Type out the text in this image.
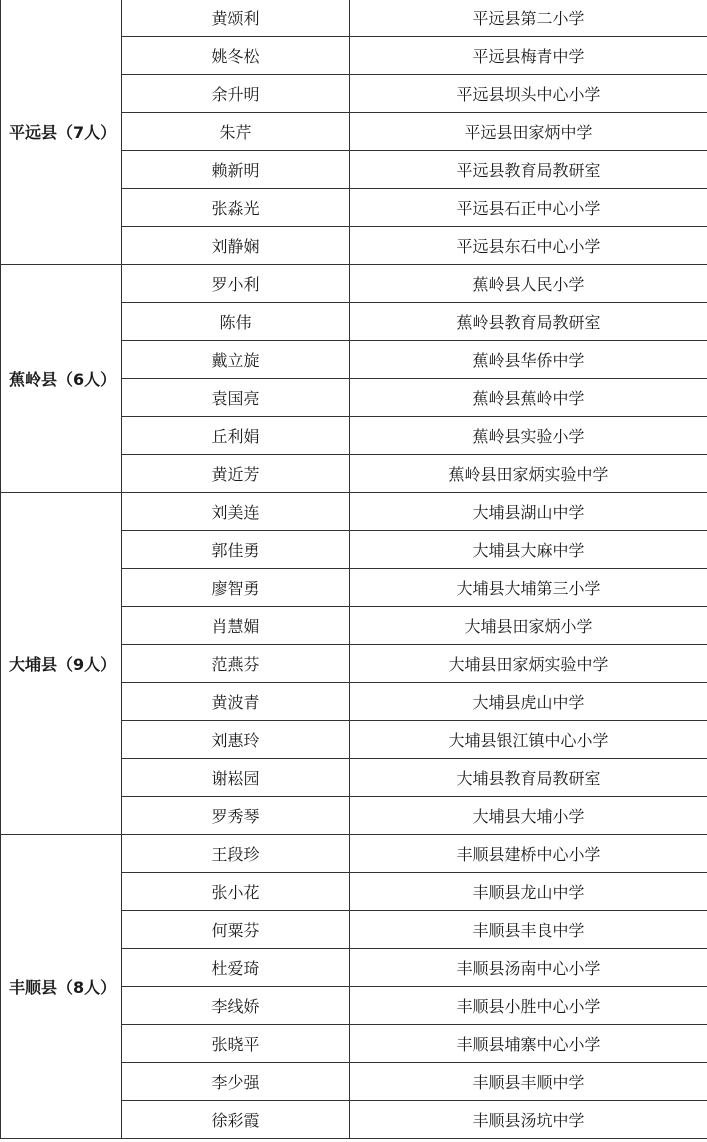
平远县（7人）	黄颂利	平远县第二小学
	姚冬松	平远县梅青中学
	余升明	平远县坝头中心小学
	朱芹	平远县田家炳中学
	赖新明	平远县教育局教研室
	张淼光	平远县石正中心小学
	刘静娴	平远县东石中心小学
蕉岭县（6人）	罗小利	蕉岭县人民小学
	陈伟	蕉岭县教育局教研室
	戴立旋	蕉岭县华侨中学
	袁国亮	蕉岭县蕉岭中学
	丘利娟	蕉岭县实验小学
	黄近芳	蕉岭县田家炳实验中学
大埔县（9人）	刘美连	大埔县湖山中学
	郭佳勇	大埔县大麻中学
	廖智勇	大埔县大埔第三小学
	肖慧媚	大埔县田家炳小学
	范燕芬	大埔县田家炳实验中学
	黄波青	大埔县虎山中学
	刘惠玲	大埔县银江镇中心小学
	谢崧园	大埔县教育局教研室
	罗秀琴	大埔县大埔小学
丰顺县（8人）	王段珍	丰顺县建桥中心小学
	张小花	丰顺县龙山中学
	何粟芬	丰顺县丰良中学
	杜爱琦	丰顺县汤南中心小学
	李线娇	丰顺县小胜中心小学
	张晓平	丰顺县埔寨中心小学
	李少强	丰顺县丰顺中学
	徐彩霞	丰顺县汤坑中学
